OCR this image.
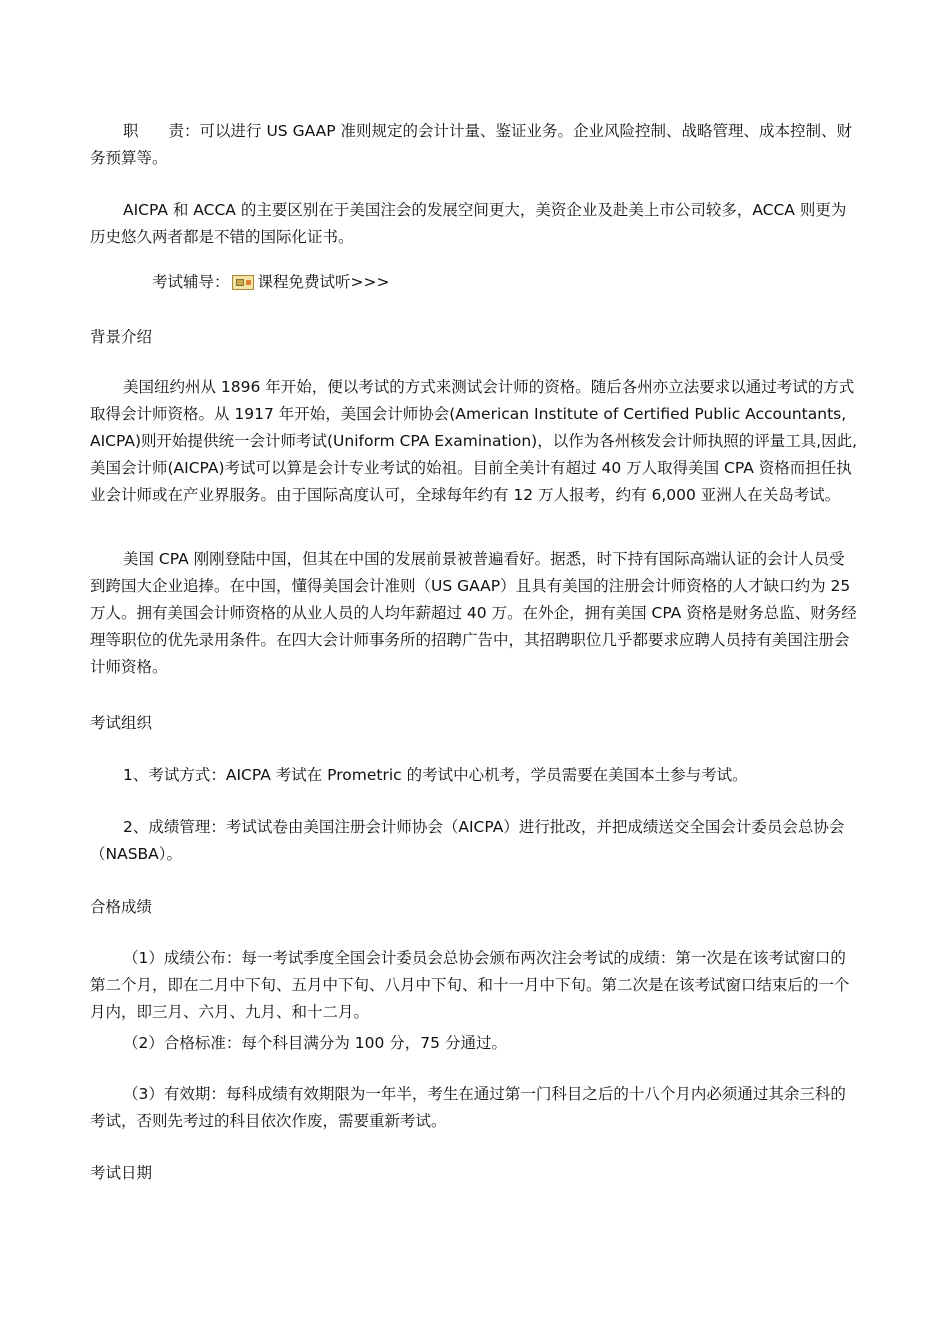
职 责：可以进行 US GAAP 准则规定的会计计量、鉴证业务。企业风险控制、战略管理、成本控制、财务预算等。

AICPA 和 ACCA 的主要区别在于美国注会的发展空间更大，美资企业及赴美上市公司较多，ACCA 则更为历史悠久两者都是不错的国际化证书。

考试辅导： 课程免费试听>>>
背景介绍

美国纽约州从 1896 年开始，便以考试的方式来测试会计师的资格。随后各州亦立法要求以通过考试的方式取得会计师资格。从 1917 年开始，美国会计师协会(American Institute of Certified Public Accountants, AICPA)则开始提供统一会计师考试(Uniform CPA Examination)，以作为各州核发会计师执照的评量工具,因此,美国会计师(AICPA)考试可以算是会计专业考试的始祖。目前全美计有超过 40 万人取得美国 CPA 资格而担任执业会计师或在产业界服务。由于国际高度认可，全球每年约有 12 万人报考，约有 6,000 亚洲人在关岛考试。

美国 CPA 刚刚登陆中国，但其在中国的发展前景被普遍看好。据悉，时下持有国际高端认证的会计人员受到跨国大企业追捧。在中国，懂得美国会计准则（US GAAP）且具有美国的注册会计师资格的人才缺口约为 25 万人。拥有美国会计师资格的从业人员的人均年薪超过 40 万。在外企，拥有美国 CPA 资格是财务总监、财务经理等职位的优先录用条件。在四大会计师事务所的招聘广告中，其招聘职位几乎都要求应聘人员持有美国注册会计师资格。

考试组织

1、考试方式：AICPA 考试在 Prometric 的考试中心机考，学员需要在美国本土参与考试。

2、成绩管理：考试试卷由美国注册会计师协会（AICPA）进行批改，并把成绩送交全国会计委员会总协会（NASBA）。

合格成绩

（1）成绩公布：每一考试季度全国会计委员会总协会颁布两次注会考试的成绩：第一次是在该考试窗口的第二个月，即在二月中下旬、五月中下旬、八月中下旬、和十一月中下旬。第二次是在该考试窗口结束后的一个月内，即三月、六月、九月、和十二月。

（2）合格标准：每个科目满分为 100 分，75 分通过。

（3）有效期：每科成绩有效期限为一年半，考生在通过第一门科目之后的十八个月内必须通过其余三科的考试，否则先考过的科目依次作废，需要重新考试。

考试日期
